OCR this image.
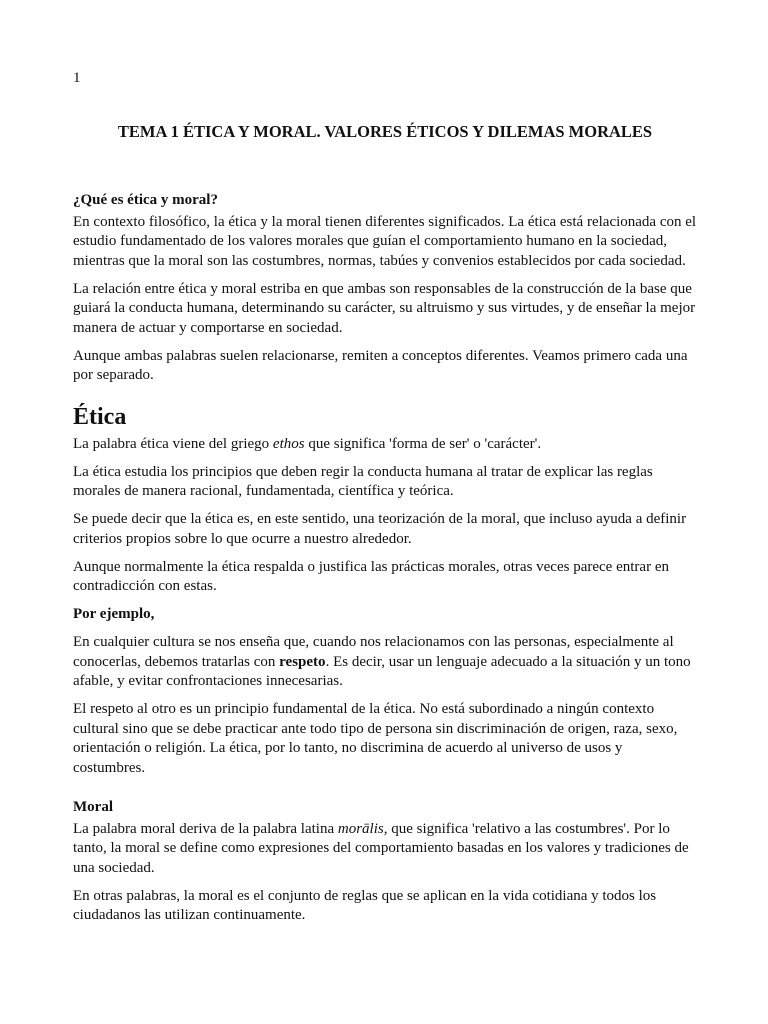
1

TEMA 1 ÉTICA Y MORAL. VALORES ÉTICOS Y DILEMAS MORALES
¿Qué es ética y moral?

En contexto filosófico, la ética y la moral tienen diferentes significados. La ética está relacionada con el estudio fundamentado de los valores morales que guían el comportamiento humano en la sociedad, mientras que la moral son las costumbres, normas, tabúes y convenios establecidos por cada sociedad.

La relación entre ética y moral estriba en que ambas son responsables de la construcción de la base que guiará la conducta humana, determinando su carácter, su altruismo y sus virtudes, y de enseñar la mejor manera de actuar y comportarse en sociedad.

Aunque ambas palabras suelen relacionarse, remiten a conceptos diferentes. Veamos primero cada una por separado.

Ética

La palabra ética viene del griego ethos que significa 'forma de ser' o 'carácter'.

La ética estudia los principios que deben regir la conducta humana al tratar de explicar las reglas morales de manera racional, fundamentada, científica y teórica.

Se puede decir que la ética es, en este sentido, una teorización de la moral, que incluso ayuda a definir criterios propios sobre lo que ocurre a nuestro alrededor.

Aunque normalmente la ética respalda o justifica las prácticas morales, otras veces parece entrar en contradicción con estas.

Por ejemplo,

En cualquier cultura se nos enseña que, cuando nos relacionamos con las personas, especialmente al conocerlas, debemos tratarlas con respeto. Es decir, usar un lenguaje adecuado a la situación y un tono afable, y evitar confrontaciones innecesarias.

El respeto al otro es un principio fundamental de la ética. No está subordinado a ningún contexto cultural sino que se debe practicar ante todo tipo de persona sin discriminación de origen, raza, sexo, orientación o religión. La ética, por lo tanto, no discrimina de acuerdo al universo de usos y costumbres.

Moral

La palabra moral deriva de la palabra latina morālis, que significa 'relativo a las costumbres'. Por lo tanto, la moral se define como expresiones del comportamiento basadas en los valores y tradiciones de una sociedad.

En otras palabras, la moral es el conjunto de reglas que se aplican en la vida cotidiana y todos los ciudadanos las utilizan continuamente.
